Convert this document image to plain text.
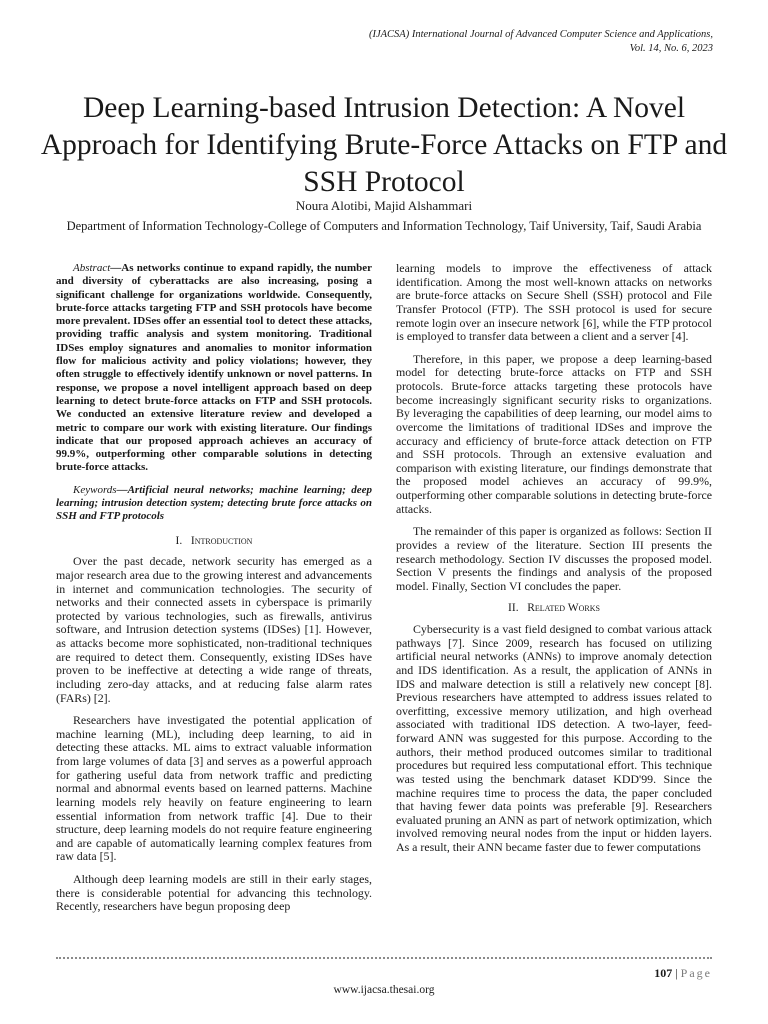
(IJACSA) International Journal of Advanced Computer Science and Applications,
Vol. 14, No. 6, 2023
Deep Learning-based Intrusion Detection: A Novel Approach for Identifying Brute-Force Attacks on FTP and SSH Protocol
Noura Alotibi, Majid Alshammari
Department of Information Technology-College of Computers and Information Technology, Taif University, Taif, Saudi Arabia

Abstract—As networks continue to expand rapidly, the number and diversity of cyberattacks are also increasing, posing a significant challenge for organizations worldwide. Consequently, brute-force attacks targeting FTP and SSH protocols have become more prevalent. IDSes offer an essential tool to detect these attacks, providing traffic analysis and system monitoring. Traditional IDSes employ signatures and anomalies to monitor information flow for malicious activity and policy violations; however, they often struggle to effectively identify unknown or novel patterns. In response, we propose a novel intelligent approach based on deep learning to detect brute-force attacks on FTP and SSH protocols. We conducted an extensive literature review and developed a metric to compare our work with existing literature. Our findings indicate that our proposed approach achieves an accuracy of 99.9%, outperforming other comparable solutions in detecting brute-force attacks.

Keywords—Artificial neural networks; machine learning; deep learning; intrusion detection system; detecting brute force attacks on SSH and FTP protocols

I. Introduction

Over the past decade, network security has emerged as a major research area due to the growing interest and advancements in internet and communication technologies. The security of networks and their connected assets in cyberspace is primarily protected by various technologies, such as firewalls, antivirus software, and Intrusion detection systems (IDSes) [1]. However, as attacks become more sophisticated, non-traditional techniques are required to detect them. Consequently, existing IDSes have proven to be ineffective at detecting a wide range of threats, including zero-day attacks, and at reducing false alarm rates (FARs) [2].

Researchers have investigated the potential application of machine learning (ML), including deep learning, to aid in detecting these attacks. ML aims to extract valuable information from large volumes of data [3] and serves as a powerful approach for gathering useful data from network traffic and predicting normal and abnormal events based on learned patterns. Machine learning models rely heavily on feature engineering to learn essential information from network traffic [4]. Due to their structure, deep learning models do not require feature engineering and are capable of automatically learning complex features from raw data [5].

Although deep learning models are still in their early stages, there is considerable potential for advancing this technology. Recently, researchers have begun proposing deep

learning models to improve the effectiveness of attack identification. Among the most well-known attacks on networks are brute-force attacks on Secure Shell (SSH) protocol and File Transfer Protocol (FTP). The SSH protocol is used for secure remote login over an insecure network [6], while the FTP protocol is employed to transfer data between a client and a server [4].

Therefore, in this paper, we propose a deep learning-based model for detecting brute-force attacks on FTP and SSH protocols. Brute-force attacks targeting these protocols have become increasingly significant security risks to organizations. By leveraging the capabilities of deep learning, our model aims to overcome the limitations of traditional IDSes and improve the accuracy and efficiency of brute-force attack detection on FTP and SSH protocols. Through an extensive evaluation and comparison with existing literature, our findings demonstrate that the proposed model achieves an accuracy of 99.9%, outperforming other comparable solutions in detecting brute-force attacks.

The remainder of this paper is organized as follows: Section II provides a review of the literature. Section III presents the research methodology. Section IV discusses the proposed model. Section V presents the findings and analysis of the proposed model. Finally, Section VI concludes the paper.

II. Related Works

Cybersecurity is a vast field designed to combat various attack pathways [7]. Since 2009, research has focused on utilizing artificial neural networks (ANNs) to improve anomaly detection and IDS identification. As a result, the application of ANNs in IDS and malware detection is still a relatively new concept [8]. Previous researchers have attempted to address issues related to overfitting, excessive memory utilization, and high overhead associated with traditional IDS detection. A two-layer, feed-forward ANN was suggested for this purpose. According to the authors, their method produced outcomes similar to traditional procedures but required less computational effort. This technique was tested using the benchmark dataset KDD'99. Since the machine requires time to process the data, the paper concluded that having fewer data points was preferable [9]. Researchers evaluated pruning an ANN as part of network optimization, which involved removing neural nodes from the input or hidden layers. As a result, their ANN became faster due to fewer computations

107 | Page
www.ijacsa.thesai.org
